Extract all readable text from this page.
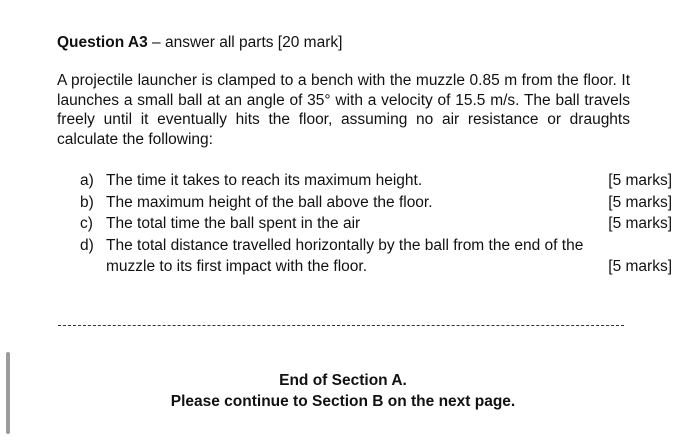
Question A3 – answer all parts [20 mark]
A projectile launcher is clamped to a bench with the muzzle 0.85 m from the floor. It launches a small ball at an angle of 35° with a velocity of 15.5 m/s. The ball travels freely until it eventually hits the floor, assuming no air resistance or draughts calculate the following:
a) The time it takes to reach its maximum height.	[5 marks]
b) The maximum height of the ball above the floor.	[5 marks]
c) The total time the ball spent in the air	[5 marks]
d) The total distance travelled horizontally by the ball from the end of the
muzzle to its first impact with the floor.	[5 marks]
End of Section A.
Please continue to Section B on the next page.
